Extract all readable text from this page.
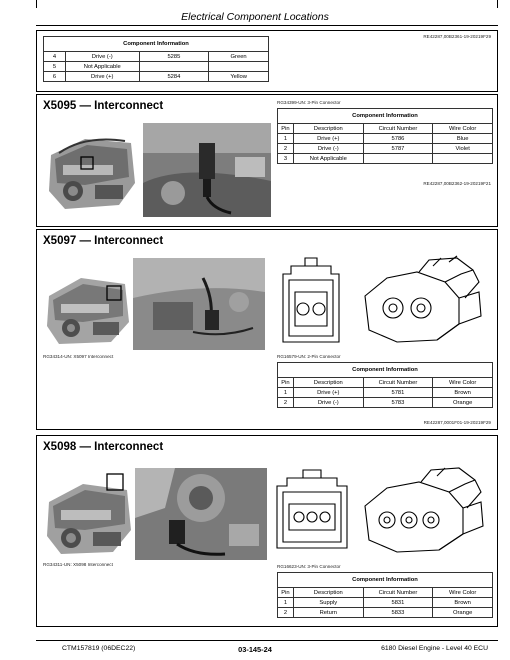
Electrical Component Locations
Component Information			
4	Drive (-)	5285	Green
5	Not Applicable		
6	Drive (+)	5284	Yellow
RE42287,00B2361-19-20219F29
X5095 — Interconnect	RG34399-UN: 3-Pin Connector
Component Information			
Pin	Description	Circuit Number	Wire Color
1	Drive (+)	5786	Blue
2	Drive (-)	5787	Violet
3	Not Applicable		
RE42287,00B2362-19-20219F21
X5097 — Interconnect
RG34314-UN: X5097 Interconnect	RG16579-UN: 2-Pin Connector
Component Information			
Pin	Description	Circuit Number	Wire Color
1	Drive (+)	5781	Brown
2	Drive (-)	5783	Orange
RE42287,0001F01-19-20219F29
X5098 — Interconnect
RG34311-UN: X5098 Interconnect	RG16623-UN: 3-Pin Connector
Component Information			
Pin	Description	Circuit Number	Wire Color
1	Supply	5831	Brown
2	Return	5833	Orange
CTM157819 (06DEC22)	03-145-24	6180 Diesel Engine - Level 40 ECU
